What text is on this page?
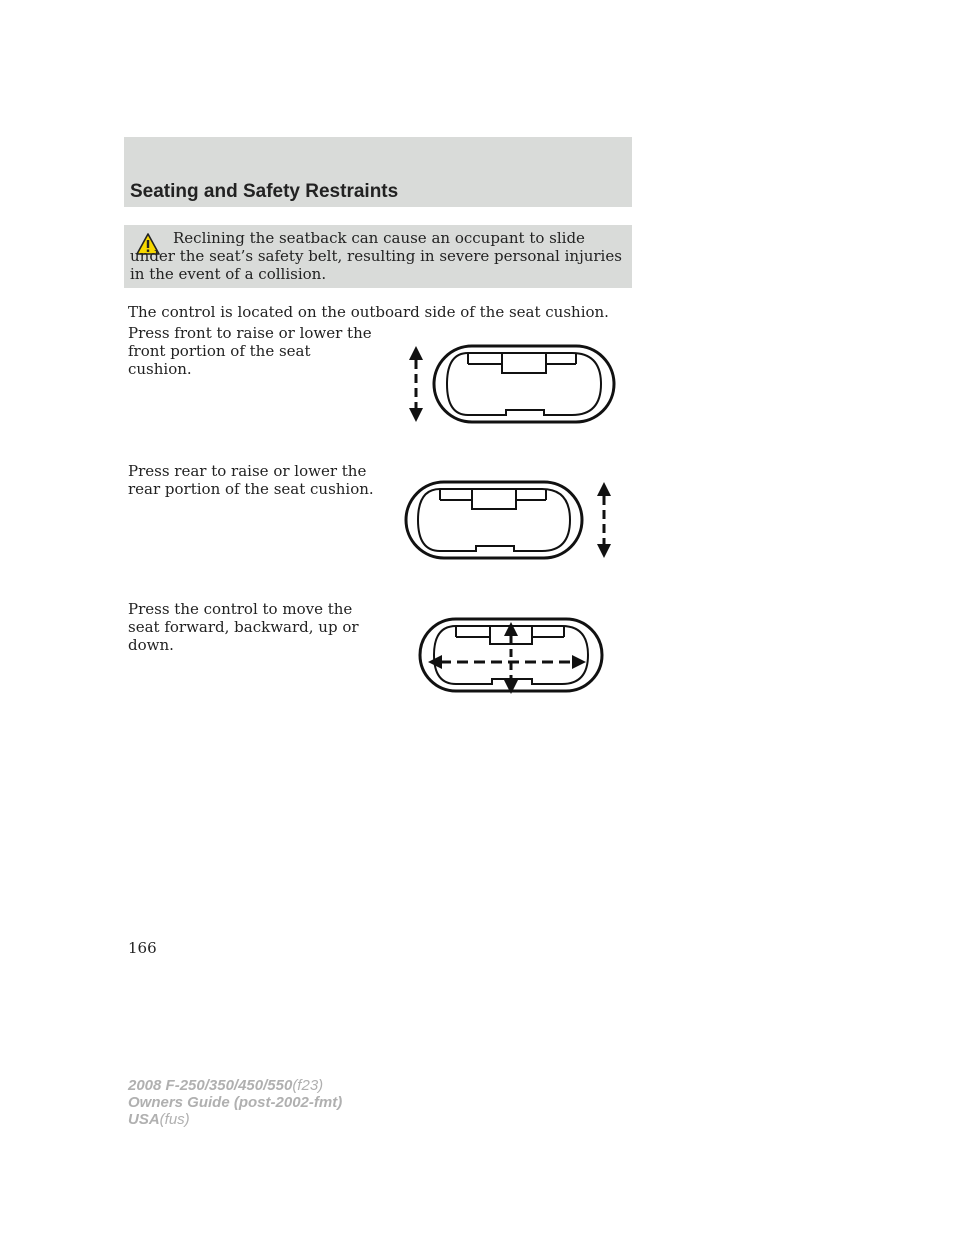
Seating and Safety Restraints

Reclining the seatback can cause an occupant to slide under the seat’s safety belt, resulting in severe personal injuries in the event of a collision.

The control is located on the outboard side of the seat cushion.

Press front to raise or lower the front portion of the seat cushion.

Press rear to raise or lower the rear portion of the seat cushion.

Press the control to move the seat forward, backward, up or down.

166

2008 F-250/350/450/550(f23)
Owners Guide (post-2002-fmt)
USA(fus)
